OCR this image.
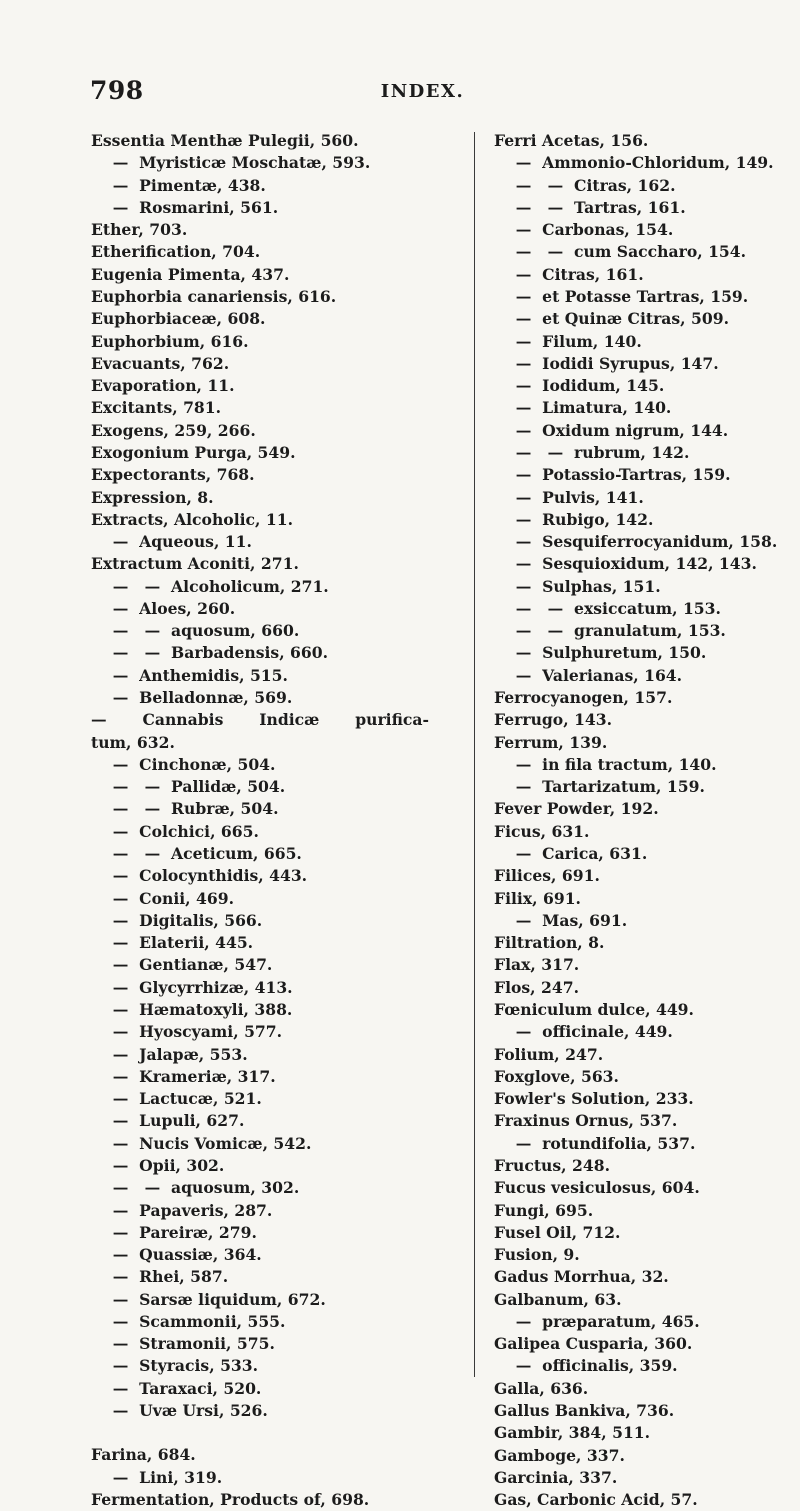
798	INDEX.
Essentia Menthæ Pulegii, 560.
—  Myristicæ Moschatæ, 593.
—  Pimentæ, 438.
—  Rosmarini, 561.
Ether, 703.
Etherification, 704.
Eugenia Pimenta, 437.
Euphorbia canariensis, 616.
Euphorbiaceæ, 608.
Euphorbium, 616.
Evacuants, 762.
Evaporation, 11.
Excitants, 781.
Exogens, 259, 266.
Exogonium Purga, 549.
Expectorants, 768.
Expression, 8.
Extracts, Alcoholic, 11.
—  Aqueous, 11.
Extractum Aconiti, 271.
—   —  Alcoholicum, 271.
—  Aloes, 260.
—   —  aquosum, 660.
—   —  Barbadensis, 660.
—  Anthemidis, 515.
—  Belladonnæ, 569.
— Cannabis Indicæ purifica-
tum, 632.
—  Cinchonæ, 504.
—   —  Pallidæ, 504.
—   —  Rubræ, 504.
—  Colchici, 665.
—   —  Aceticum, 665.
—  Colocynthidis, 443.
—  Conii, 469.
—  Digitalis, 566.
—  Elaterii, 445.
—  Gentianæ, 547.
—  Glycyrrhizæ, 413.
—  Hæmatoxyli, 388.
—  Hyoscyami, 577.
—  Jalapæ, 553.
—  Krameriæ, 317.
—  Lactucæ, 521.
—  Lupuli, 627.
—  Nucis Vomicæ, 542.
—  Opii, 302.
—   —  aquosum, 302.
—  Papaveris, 287.
—  Pareiræ, 279.
—  Quassiæ, 364.
—  Rhei, 587.
—  Sarsæ liquidum, 672.
—  Scammonii, 555.
—  Stramonii, 575.
—  Styracis, 533.
—  Taraxaci, 520.
—  Uvæ Ursi, 526.
Farina, 684.
—  Lini, 319.
Fermentation, Products of, 698.
Ferri Acetas, 156.
—  Ammonio-Chloridum, 149.
—   —  Citras, 162.
—   —  Tartras, 161.
—  Carbonas, 154.
—   —  cum Saccharo, 154.
—  Citras, 161.
—  et Potasse Tartras, 159.
—  et Quinæ Citras, 509.
—  Filum, 140.
—  Iodidi Syrupus, 147.
—  Iodidum, 145.
—  Limatura, 140.
—  Oxidum nigrum, 144.
—   —  rubrum, 142.
—  Potassio-Tartras, 159.
—  Pulvis, 141.
—  Rubigo, 142.
—  Sesquiferrocyanidum, 158.
—  Sesquioxidum, 142, 143.
—  Sulphas, 151.
—   —  exsiccatum, 153.
—   —  granulatum, 153.
—  Sulphuretum, 150.
—  Valerianas, 164.
Ferrocyanogen, 157.
Ferrugo, 143.
Ferrum, 139.
—  in fila tractum, 140.
—  Tartarizatum, 159.
Fever Powder, 192.
Ficus, 631.
—  Carica, 631.
Filices, 691.
Filix, 691.
—  Mas, 691.
Filtration, 8.
Flax, 317.
Flos, 247.
Fœniculum dulce, 449.
—  officinale, 449.
Folium, 247.
Foxglove, 563.
Fowler's Solution, 233.
Fraxinus Ornus, 537.
—  rotundifolia, 537.
Fructus, 248.
Fucus vesiculosus, 604.
Fungi, 695.
Fusel Oil, 712.
Fusion, 9.
Gadus Morrhua, 32.
Galbanum, 63.
—  præparatum, 465.
Galipea Cusparia, 360.
—  officinalis, 359.
Galla, 636.
Gallus Bankiva, 736.
Gambir, 384, 511.
Gamboge, 337.
Garcinia, 337.
Gas, Carbonic Acid, 57.
